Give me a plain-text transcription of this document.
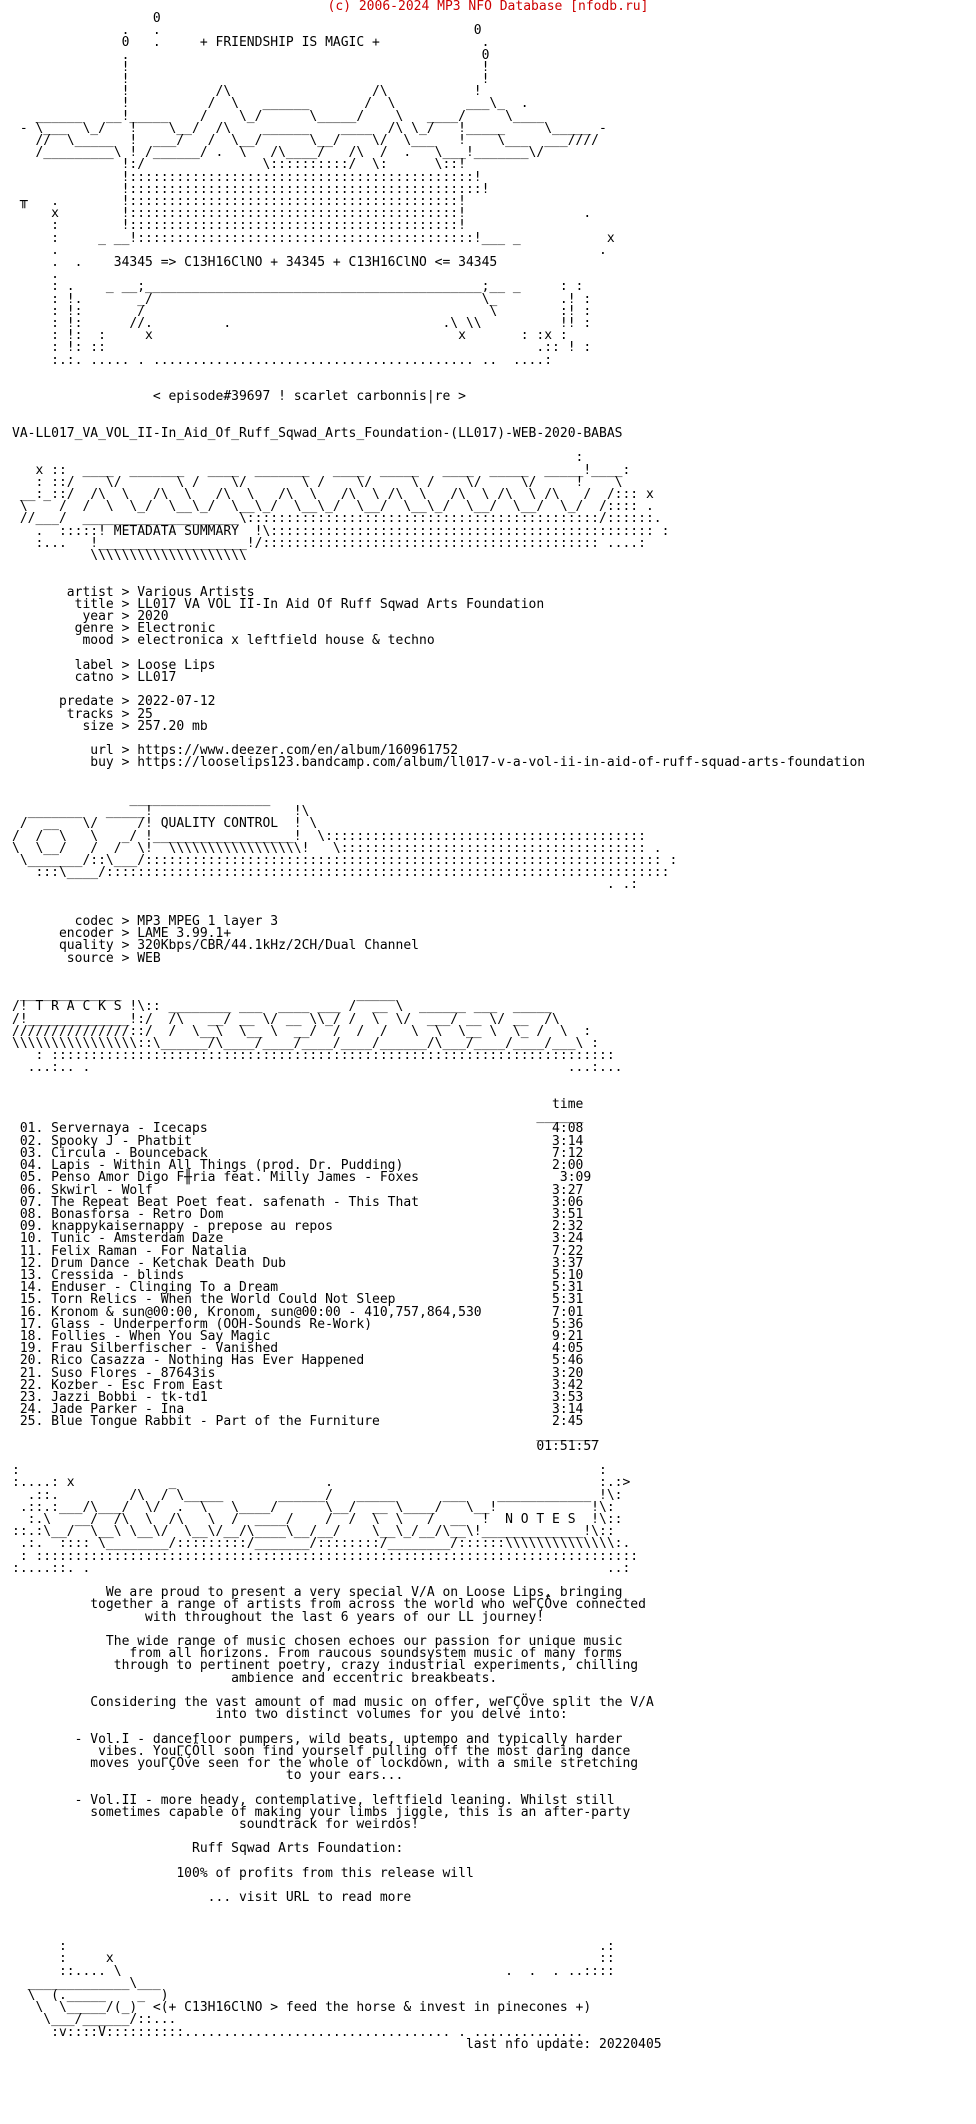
(c) 2006-2024 MP3 NFO Database [nfodb.ru]
0
.   .                                        0
0   .     + FRIENDSHIP IS MAGIC +             .
.                                             0
!                                             !
!                                             !
!           /\                  /\           !
!          /  \   ______       /  \         ___\_  .
______   __!_____    /    \_/      \_____/    \   ____/     \____
- \___  \_/   !    \__/  /\    ______    ____  /\ \_/   !_____     \_____ -
//  \_____  !  ___/   /  \__/      \__/    \/  \___   !    \___  ___////
/_________\ ! /______/ .  \   /\____/   /\  /  .   \___!_______\/
!:/               \::::::::::/  \:      \::!
!::::::::::::::::::::::::::::::::::::::::::::!
!:::::::::::::::::::::::::::::::::::::::::::::!
╥   .        !::::::::::::::::::::::::::::::::::::::::::!
x        !::::::::::::::::::::::::::::::::::::::::::!               .
:        !::::::::::::::::::::::::::::::::::::::::::!
:     _ __!:::::::::::::::::::::::::::::::::::::::::::!___ _           x
.                                                                     .
.  .    34345 => C13H16ClNO + 34345 + C13H16ClNO <= 34345
.
: .    _ __;___________________________________________;__ _     : :
: !.       _/                                          \_        .! :
: !:       /                                            \        :! :
: !:      //.         .                           .\ \\          !! :
: !:  :     x                                       x       : :x :
: !: ::                                                       .:: ! :
:.:. ..... . ......................................... ..  ....:

< episode#39697 ! scarlet carbonnis|re >

VA-LL017_VA_VOL_II-In_Aid_Of_Ruff_Sqwad_Arts_Foundation-(LL017)-WEB-2020-BABAS

:
x ::  ____  _______   ____  _______   ____  _____   ____  _____  _____!____:
: ::/    \/       \ /    \/       \ /    \/     \ /    \/     \/     !    \
__:_::/  /\  \   /\  \   /\  \   /\  \   /\  \ /\  \   /\  \ /\  \ /\   /  /::: x
\    /  /  \  \_/  \__\_/  \__\_/  \__\_/  \__/  \__\_/  \__/  \__/  \_/  /:::: .
//___/  ____________________\:::::::::::::::::::::::::::::::::::::::::::::/::::::.
.  :::::! METADATA SUMMARY  !\::::::::::::::::::::::::::::::::::::::::::::::::: :
:...   !___________________!/::::::::::::::::::::::::::::::::::::::::::: ....:
\\\\\\\\\\\\\\\\\\\\

artist > Various Artists
title > LL017 VA VOL II-In Aid Of Ruff Sqwad Arts Foundation
year > 2020
genre > Electronic
mood > electronica x leftfield house & techno

label > Loose Lips
catno > LL017

predate > 2022-07-12
tracks > 25
size > 257.20 mb

url > https://www.deezer.com/en/album/160961752
buy > https://looselips123.bandcamp.com/album/ll017-v-a-vol-ii-in-aid-of-ruff-squad-arts-foundation

__________________
_______   _____!                  !\
/  __   \/     /! QUALITY CONTROL  ! \
/  /  \   \   _/ !__________________!  \:::::::::::::::::::::::::::::::::::::::::
\  \__/   /  /  \!  \\\\\\\\\\\\\\\\\!   \::::::::::::::::::::::::::::::::::::::: .
\_______/::\___/:::::::::::::::::::::::::::::::::::::::::::::::::::::::::::::::::: :
:::\____/::::::::::::::::::::::::::::::::::::::::::::::::::::::::::::::::::::::::
. .:

codec > MP3 MPEG 1 layer 3
encoder > LAME 3.99.1+
quality > 320Kbps/CBR/44.1kHz/2CH/Dual Channel
source > WEB

_____________                              _____
/! T R A C K S !\:: ________ ___  ____ ___ /  __ \  ______ ___  _____
/!_____________!:/  /\   __/ __ \/ __ \\_/ /  \  \/  ___/ __ \/ __  /\
///////////////::/  /  \__\  \__ \  __/  /  /  /   \  \  \__ \  \_ /  \  :
\\\\\\\\\\\\\\\\::\______/\____/____/____/____/______/\___/____/____/___\ :
: ::::::::::::::::::::::::::::::::::::::::::::::::::::::::::::::::::::::::
...:.. .                                                             ...:...

time
______
01. Servernaya - Icecaps                                            4:08
02. Spooky J - Phatbit                                              3:14
03. Circula - Bounceback                                            7:12
04. Lapis - Within All Things (prod. Dr. Pudding)                   2:00
05. Penso Amor Digo F╫ria feat. Milly James - Foxes                  3:09
06. Skwirl - Wolf                                                   3:27
07. The Repeat Beat Poet feat. safenath - This That                 3:06
08. Bonasforsa - Retro Dom                                          3:51
09. knappykaisernappy - prepose au repos                            2:32
10. Tunic - Amsterdam Daze                                          3:24
11. Felix Raman - For Natalia                                       7:22
12. Drum Dance - Ketchak Death Dub                                  3:37
13. Cressida - blinds                                               5:10
14. Enduser - Clinging To a Dream                                   5:31
15. Torn Relics - When the World Could Not Sleep                    5:31
16. Kronom & sun@00:00, Kronom, sun@00:00 - 410,757,864,530         7:01
17. Glass - Underperform (OOH-Sounds Re-Work)                       5:36
18. Follies - When You Say Magic                                    9:21
19. Frau Silberfischer - Vanished                                   4:05
20. Rico Casazza - Nothing Has Ever Happened                        5:46
21. Suso Flores - 87643is                                           3:20
22. Kozber - Esc From East                                          3:42
23. Jazzi Bobbi - tk-td1                                            3:53
24. Jade Parker - Ina                                               3:14
25. Blue Tongue Rabbit - Part of the Furniture                      2:45
________
01:51:57

:                                                                          :
:....: x            _                   .                                  :.:>
.::.         /\  / \_____       ______/   _____      ___    ____________ !\:
.::.:___/\___/  \/  .  \   \____/      \__/  __ \____/   \__!            !\:
:.\   __/  /\  \  /\   \  /  ____/    /  /  \  \   /  __  !  N O T E S  !\::
::.:\__/  \__\ \__\/  \__\/__/\____\__/__/    \__\_/__/\__\!_____________!\::
.:.  :::: \________/:::::::::/_______/::::::::/________/::::::\\\\\\\\\\\\\\:.
: :::::::::::::::::::::::::::::::::::::::::::::::::::::::::::::::::::::::::::::
:....::. .                                                                  ..:

We are proud to present a very special V/A on Loose Lips, bringing
together a range of artists from across the world who weΓÇÖve connected
with throughout the last 6 years of our LL journey!

The wide range of music chosen echoes our passion for unique music
from all horizons. From raucous soundsystem music of many forms
through to pertinent poetry, crazy industrial experiments, chilling
ambience and eccentric breakbeats.

Considering the vast amount of mad music on offer, weΓÇÖve split the V/A
into two distinct volumes for you delve into:

- Vol.I - dancefloor pumpers, wild beats, uptempo and typically harder
vibes. YouΓÇÖll soon find yourself pulling off the most daring dance
moves youΓÇÖve seen for the whole of lockdown, with a smile stretching
to your ears...

- Vol.II - more heady, contemplative, leftfield leaning. Whilst still
sometimes capable of making your limbs jiggle, this is an after-party
soundtrack for weirdos!

Ruff Sqwad Arts Foundation:

100% of profits from this release will

... visit URL to read more

:                                                                    .:
:     x                                                              ::
::.... \                                                 .  .  . ..::::
_____________\___
\  (._____    _  )
\  \_____/(_)  <(+ C13H16ClNO > feed the horse & invest in pinecones +)
\___/______/::...
:v::::V::::::::::.................................. . ..............
last nfo update: 20220405
